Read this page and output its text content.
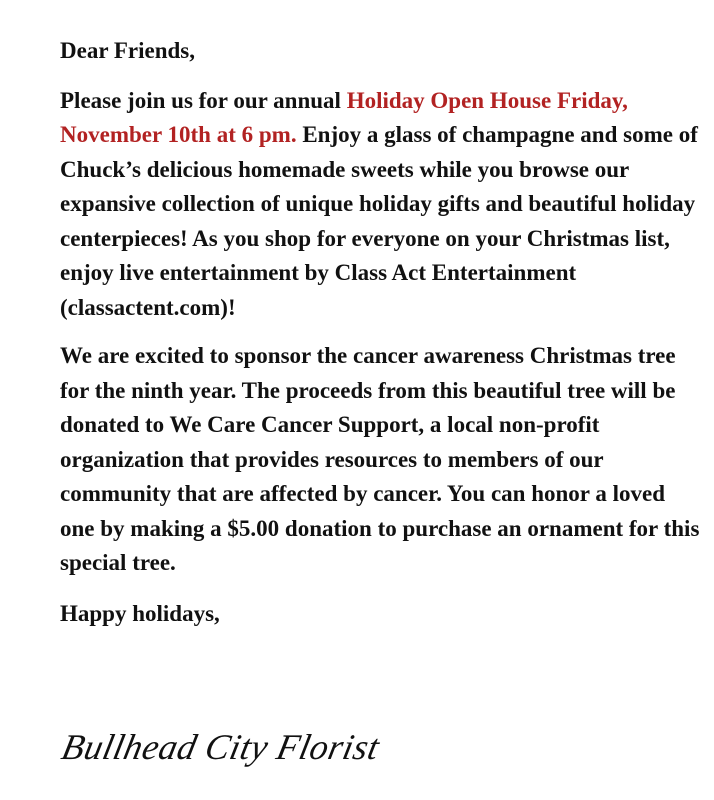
Dear Friends,

Please join us for our annual Holiday Open House Friday, November 10th at 6 pm. Enjoy a glass of champagne and some of Chuck’s delicious homemade sweets while you browse our expansive collection of unique holiday gifts and beautiful holiday centerpieces! As you shop for everyone on your Christmas list, enjoy live entertainment by Class Act Entertainment (classactent.com)!

We are excited to sponsor the cancer awareness Christmas tree for the ninth year. The proceeds from this beautiful tree will be donated to We Care Cancer Support, a local non-profit organization that provides resources to members of our community that are affected by cancer. You can honor a loved one by making a $5.00 donation to purchase an ornament for this special tree.

Happy holidays,

Bullhead City Florist
